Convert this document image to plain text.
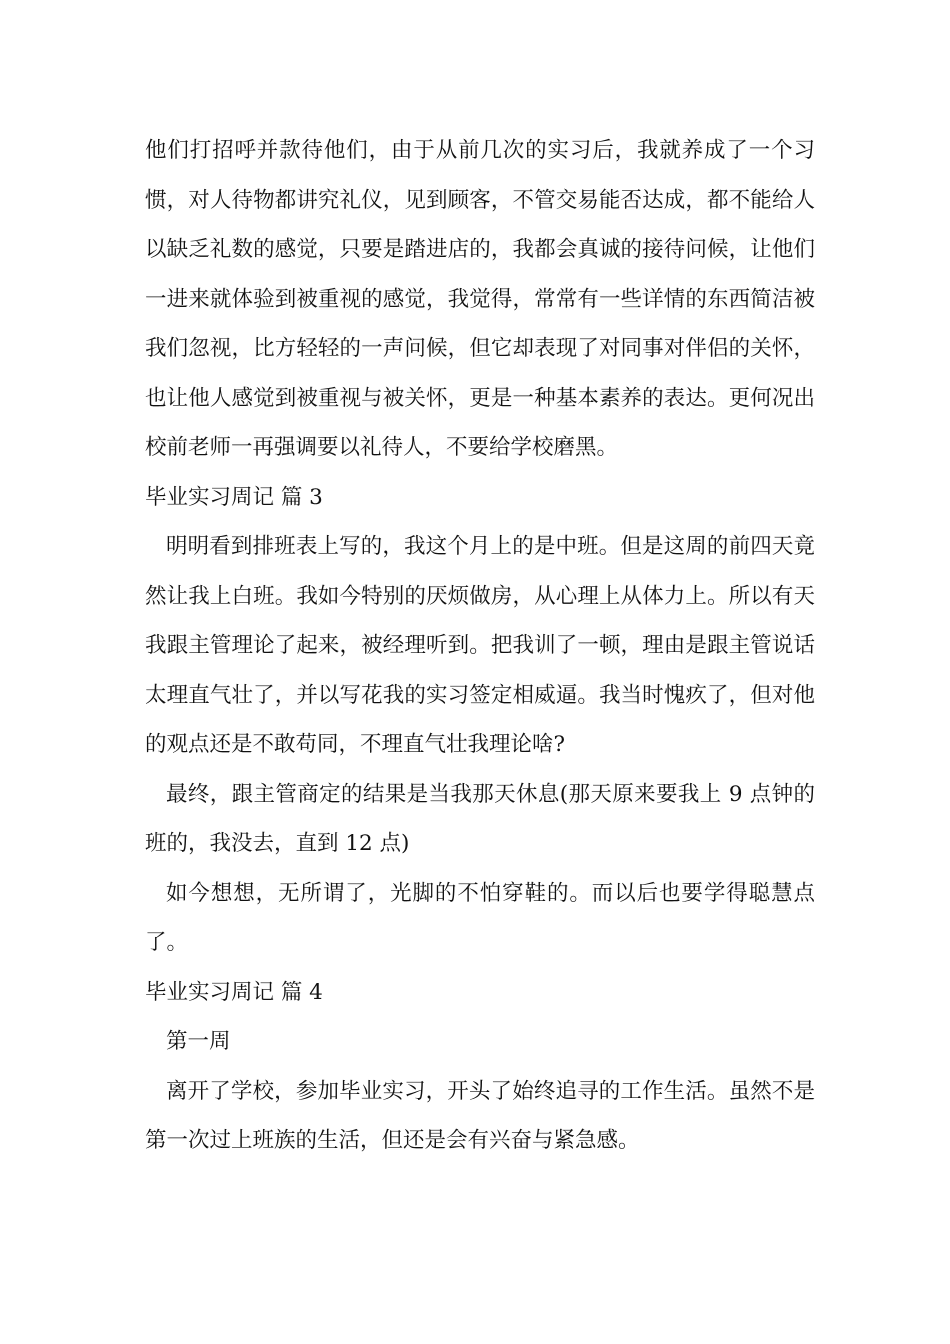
他们打招呼并款待他们，由于从前几次的实习后，我就养成了一个习惯，对人待物都讲究礼仪，见到顾客，不管交易能否达成，都不能给人以缺乏礼数的感觉，只要是踏进店的，我都会真诚的接待问候，让他们一进来就体验到被重视的感觉，我觉得，常常有一些详情的东西简洁被我们忽视，比方轻轻的一声问候，但它却表现了对同事对伴侣的关怀，也让他人感觉到被重视与被关怀，更是一种基本素养的表达。更何况出校前老师一再强调要以礼待人，不要给学校磨黑。

毕业实习周记 篇 3

明明看到排班表上写的，我这个月上的是中班。但是这周的前四天竟然让我上白班。我如今特别的厌烦做房，从心理上从体力上。所以有天我跟主管理论了起来，被经理听到。把我训了一顿，理由是跟主管说话太理直气壮了，并以写花我的实习签定相威逼。我当时愧疚了，但对他的观点还是不敢苟同，不理直气壮我理论啥?

最终，跟主管商定的结果是当我那天休息(那天原来要我上 9 点钟的班的，我没去，直到 12 点)

如今想想，无所谓了，光脚的不怕穿鞋的。而以后也要学得聪慧点了。

毕业实习周记 篇 4

第一周

离开了学校，参加毕业实习，开头了始终追寻的工作生活。虽然不是第一次过上班族的生活，但还是会有兴奋与紧急感。
